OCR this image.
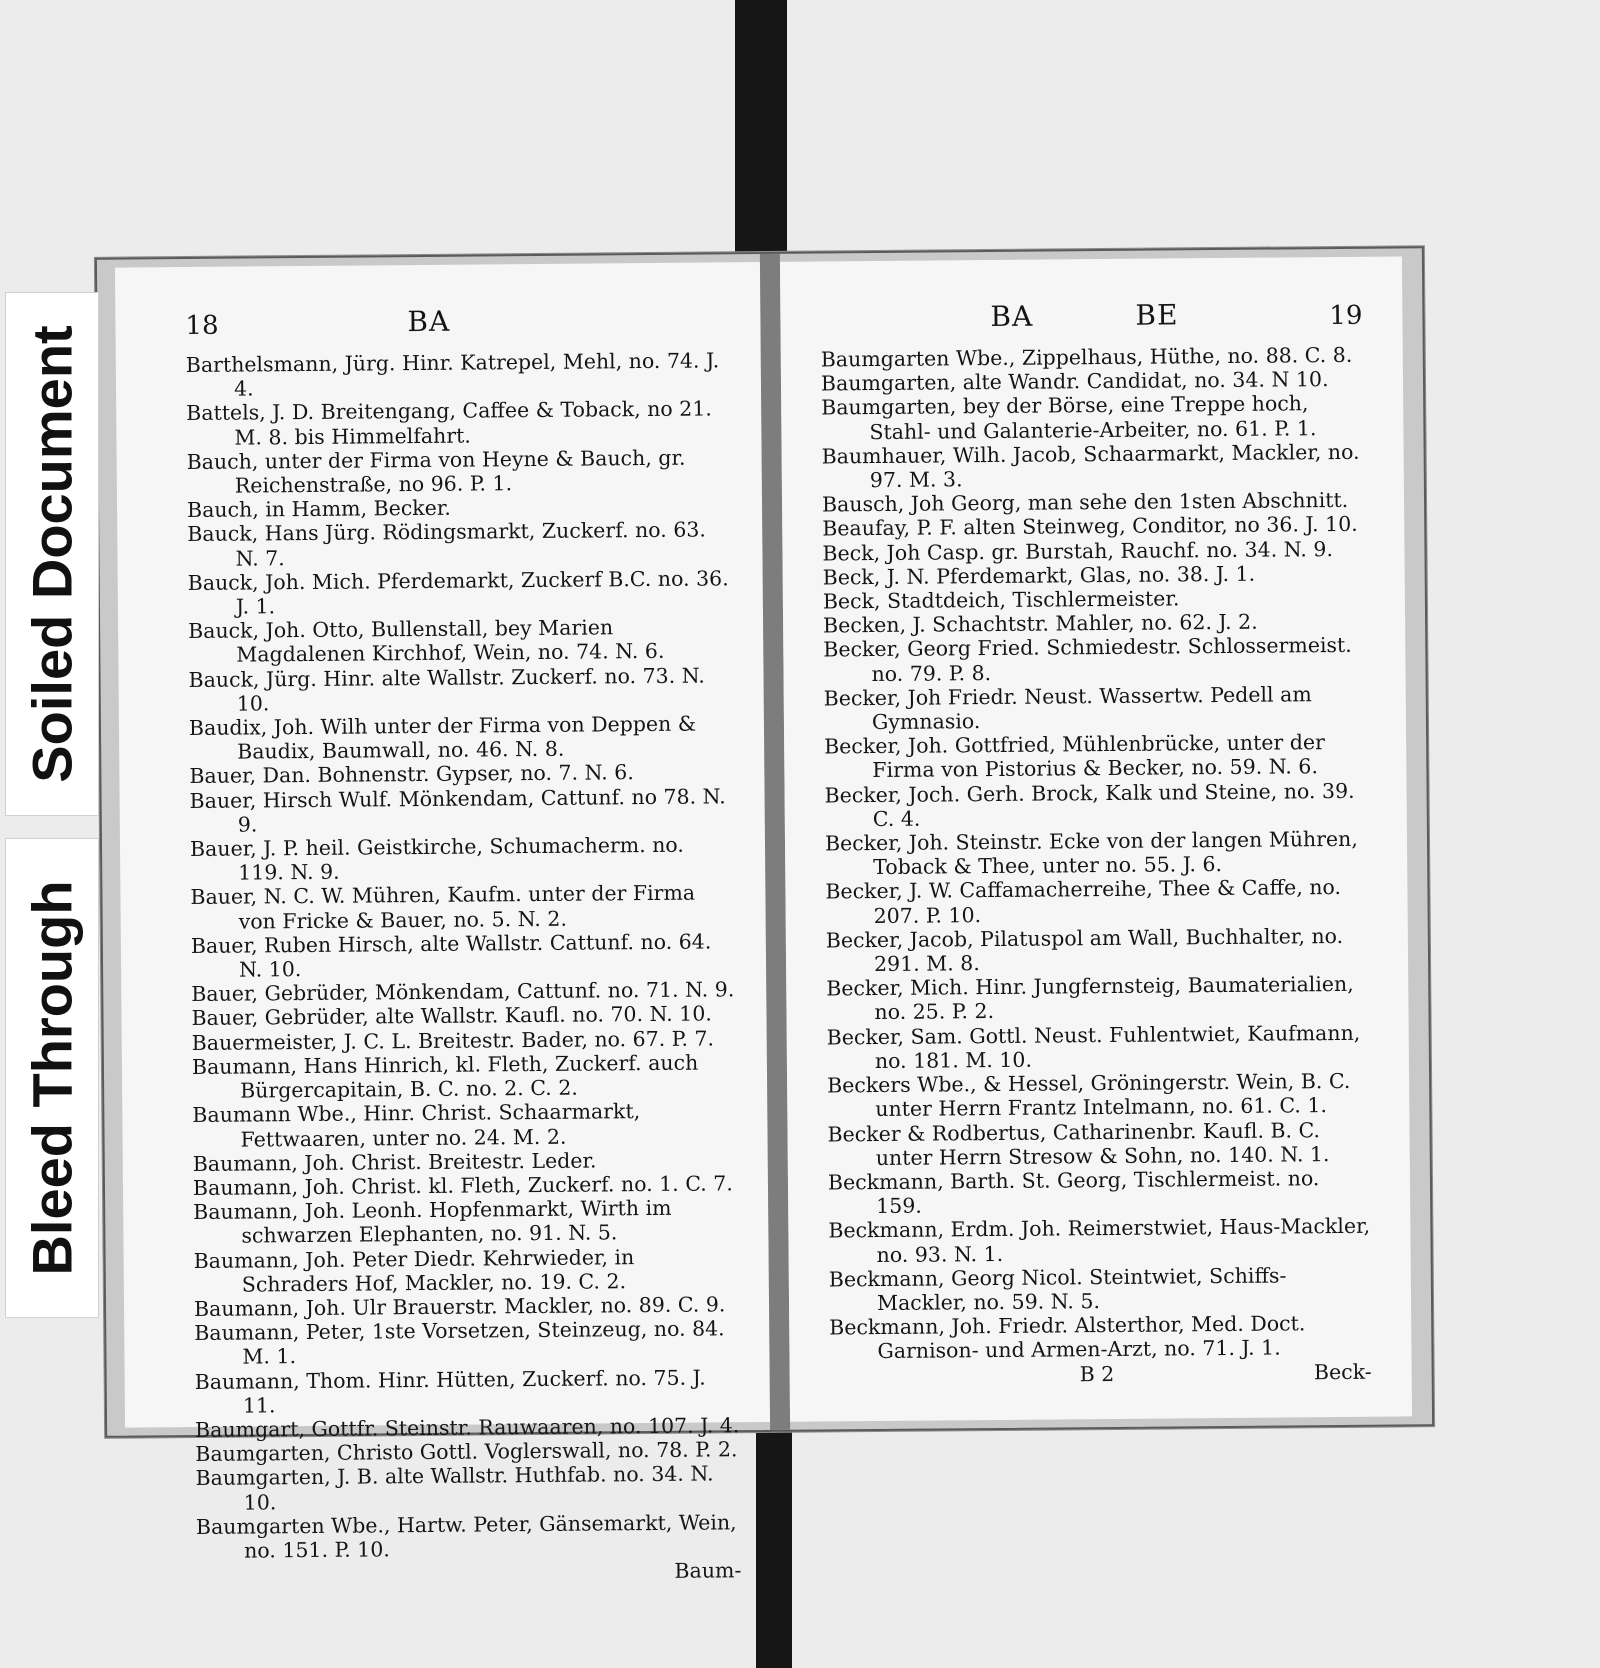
18	BA
Barthelsmann, Jürg. Hinr. Katrepel, Mehl, no. 74. J. 4.
Battels, J. D. Breitengang, Caffee & Toback, no 21. M. 8. bis Himmelfahrt.
Bauch, unter der Firma von Heyne & Bauch, gr. Reichenstraße, no 96. P. 1.
Bauch, in Hamm, Becker.
Bauck, Hans Jürg. Rödingsmarkt, Zuckerf. no. 63. N. 7.
Bauck, Joh. Mich. Pferdemarkt, Zuckerf B.C. no. 36. J. 1.
Bauck, Joh. Otto, Bullenstall, bey Marien Magdalenen Kirchhof, Wein, no. 74. N. 6.
Bauck, Jürg. Hinr. alte Wallstr. Zuckerf. no. 73. N. 10.
Baudix, Joh. Wilh unter der Firma von Deppen & Baudix, Baumwall, no. 46. N. 8.
Bauer, Dan. Bohnenstr. Gypser, no. 7. N. 6.
Bauer, Hirsch Wulf. Mönkendam, Cattunf. no 78. N. 9.
Bauer, J. P. heil. Geistkirche, Schumacherm. no. 119. N. 9.
Bauer, N. C. W. Mühren, Kaufm. unter der Firma von Fricke & Bauer, no. 5. N. 2.
Bauer, Ruben Hirsch, alte Wallstr. Cattunf. no. 64. N. 10.
Bauer, Gebrüder, Mönkendam, Cattunf. no. 71. N. 9.
Bauer, Gebrüder, alte Wallstr. Kaufl. no. 70. N. 10.
Bauermeister, J. C. L. Breitestr. Bader, no. 67. P. 7.
Baumann, Hans Hinrich, kl. Fleth, Zuckerf. auch Bürgercapitain, B. C. no. 2. C. 2.
Baumann Wbe., Hinr. Christ. Schaarmarkt, Fettwaaren, unter no. 24. M. 2.
Baumann, Joh. Christ. Breitestr. Leder.
Baumann, Joh. Christ. kl. Fleth, Zuckerf. no. 1. C. 7.
Baumann, Joh. Leonh. Hopfenmarkt, Wirth im schwarzen Elephanten, no. 91. N. 5.
Baumann, Joh. Peter Diedr. Kehrwieder, in Schraders Hof, Mackler, no. 19. C. 2.
Baumann, Joh. Ulr Brauerstr. Mackler, no. 89. C. 9.
Baumann, Peter, 1ste Vorsetzen, Steinzeug, no. 84. M. 1.
Baumann, Thom. Hinr. Hütten, Zuckerf. no. 75. J. 11.
Baumgart, Gottfr. Steinstr. Rauwaaren, no. 107. J. 4.
Baumgarten, Christo Gottl. Voglerswall, no. 78. P. 2.
Baumgarten, J. B. alte Wallstr. Huthfab. no. 34. N. 10.
Baumgarten Wbe., Hartw. Peter, Gänsemarkt, Wein, no. 151. P. 10.
Baum-
BA	BE	19
Baumgarten Wbe., Zippelhaus, Hüthe, no. 88. C. 8.
Baumgarten, alte Wandr. Candidat, no. 34. N 10.
Baumgarten, bey der Börse, eine Treppe hoch, Stahl- und Galanterie-Arbeiter, no. 61. P. 1.
Baumhauer, Wilh. Jacob, Schaarmarkt, Mackler, no. 97. M. 3.
Bausch, Joh Georg, man sehe den 1sten Abschnitt.
Beaufay, P. F. alten Steinweg, Conditor, no 36. J. 10.
Beck, Joh Casp. gr. Burstah, Rauchf. no. 34. N. 9.
Beck, J. N. Pferdemarkt, Glas, no. 38. J. 1.
Beck, Stadtdeich, Tischlermeister.
Becken, J. Schachtstr. Mahler, no. 62. J. 2.
Becker, Georg Fried. Schmiedestr. Schlossermeist. no. 79. P. 8.
Becker, Joh Friedr. Neust. Wassertw. Pedell am Gymnasio.
Becker, Joh. Gottfried, Mühlenbrücke, unter der Firma von Pistorius & Becker, no. 59. N. 6.
Becker, Joch. Gerh. Brock, Kalk und Steine, no. 39. C. 4.
Becker, Joh. Steinstr. Ecke von der langen Mühren, Toback & Thee, unter no. 55. J. 6.
Becker, J. W. Caffamacherreihe, Thee & Caffe, no. 207. P. 10.
Becker, Jacob, Pilatuspol am Wall, Buchhalter, no. 291. M. 8.
Becker, Mich. Hinr. Jungfernsteig, Baumaterialien, no. 25. P. 2.
Becker, Sam. Gottl. Neust. Fuhlentwiet, Kaufmann, no. 181. M. 10.
Beckers Wbe., & Hessel, Gröningerstr. Wein, B. C. unter Herrn Frantz Intelmann, no. 61. C. 1.
Becker & Rodbertus, Catharinenbr. Kaufl. B. C. unter Herrn Stresow & Sohn, no. 140. N. 1.
Beckmann, Barth. St. Georg, Tischlermeist. no. 159.
Beckmann, Erdm. Joh. Reimerstwiet, Haus-Mackler, no. 93. N. 1.
Beckmann, Georg Nicol. Steintwiet, Schiffs-Mackler, no. 59. N. 5.
Beckmann, Joh. Friedr. Alsterthor, Med. Doct. Garnison- und Armen-Arzt, no. 71. J. 1.
B 2	Beck-
Soiled Document
Bleed Through
